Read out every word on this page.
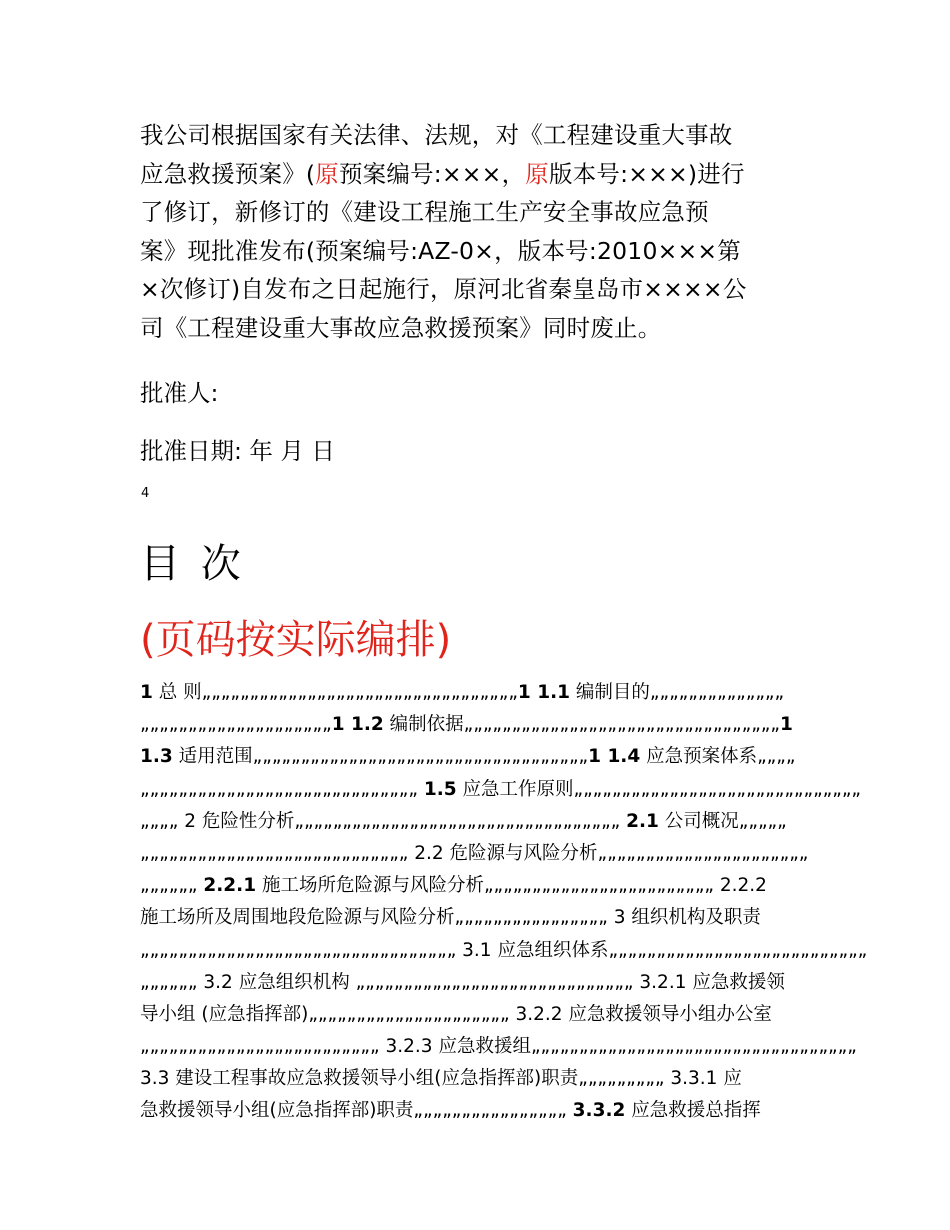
我公司根据国家有关法律、法规，对《工程建设重大事故
应急救援预案》(原预案编号:×××，原版本号:×××)进行
了修订，新修订的《建设工程施工生产安全事故应急预
案》现批准发布(预案编号:AZ-0×，版本号:2010×××第
×次修订)自发布之日起施行，原河北省秦皇岛市××××公
司《工程建设重大事故应急救援预案》同时废止。
批准人:
批准日期: 年 月 日
4
目 次
(页码按实际编排)
1 总 则„„„„„„„„„„„„„„„„„„„„„„„„„„„„„„„„„1 1.1 编制目的„„„„„„„„„„„„„„
„„„„„„„„„„„„„„„„„„„„1 1.2 编制依据„„„„„„„„„„„„„„„„„„„„„„„„„„„„„„„„„1
1.3 适用范围„„„„„„„„„„„„„„„„„„„„„„„„„„„„„„„„„„„1 1.4 应急预案体系„„„„
„„„„„„„„„„„„„„„„„„„„„„„„„„„„„ 1.5 应急工作原则„„„„„„„„„„„„„„„„„„„„„„„„„„„„„„
„„„„ 2 危险性分析„„„„„„„„„„„„„„„„„„„„„„„„„„„„„„„„„„ 2.1 公司概况„„„„„
„„„„„„„„„„„„„„„„„„„„„„„„„„„„ 2.2 危险源与风险分析„„„„„„„„„„„„„„„„„„„„„„
„„„„„„ 2.2.1 施工场所危险源与风险分析„„„„„„„„„„„„„„„„„„„„„„„„ 2.2.2
施工场所及周围地段危险源与风险分析„„„„„„„„„„„„„„„„ 3 组织机构及职责
„„„„„„„„„„„„„„„„„„„„„„„„„„„„„„„„„ 3.1 应急组织体系„„„„„„„„„„„„„„„„„„„„„„„„„„„
„„„„„„ 3.2 应急组织机构 „„„„„„„„„„„„„„„„„„„„„„„„„„„„„ 3.2.1 应急救援领
导小组 (应急指挥部)„„„„„„„„„„„„„„„„„„„„„ 3.2.2 应急救援领导小组办公室
„„„„„„„„„„„„„„„„„„„„„„„„„ 3.2.3 应急救援组„„„„„„„„„„„„„„„„„„„„„„„„„„„„„„„„„„
3.3 建设工程事故应急救援领导小组(应急指挥部)职责„„„„„„„„„ 3.3.1 应
急救援领导小组(应急指挥部)职责„„„„„„„„„„„„„„„„ 3.3.2 应急救援总指挥
